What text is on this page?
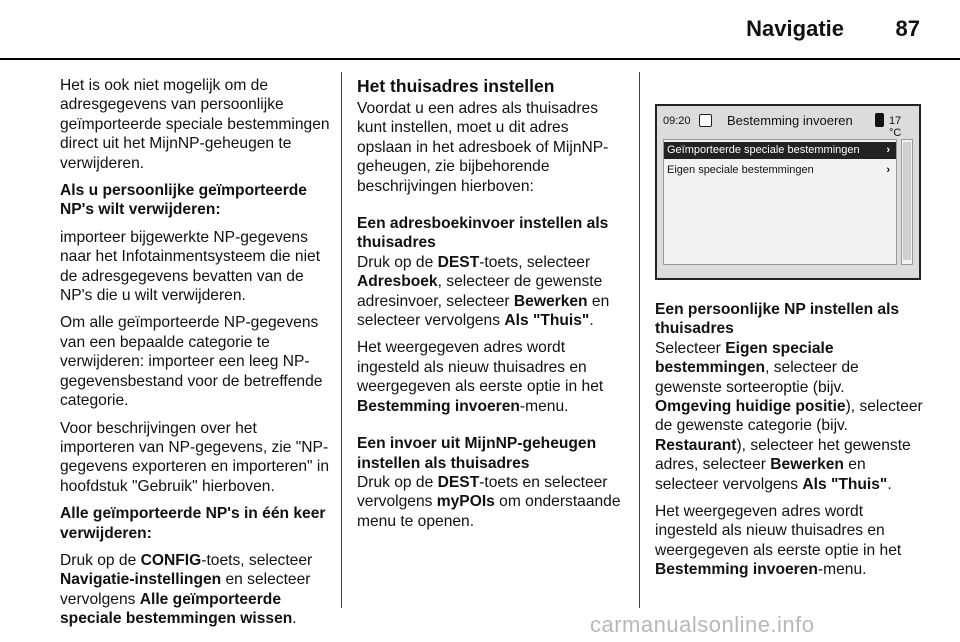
Navigatie 87

Het is ook niet mogelijk om de adresgegevens van persoonlijke geïmporteerde speciale bestemmingen direct uit het MijnNP-geheugen te verwijderen.

Als u persoonlijke geïmporteerde NP's wilt verwijderen:

importeer bijgewerkte NP-gegevens naar het Infotainmentsysteem die niet de adresgegevens bevatten van de NP's die u wilt verwijderen.

Om alle geïmporteerde NP-gegevens van een bepaalde categorie te verwijderen: importeer een leeg NP-gegevensbestand voor de betreffende categorie.

Voor beschrijvingen over het importeren van NP-gegevens, zie "NP-gegevens exporteren en importeren" in hoofdstuk "Gebruik" hierboven.

Alle geïmporteerde NP's in één keer verwijderen:

Druk op de CONFIG-toets, selecteer Navigatie-instellingen en selecteer vervolgens Alle geïmporteerde speciale bestemmingen wissen.

Het thuisadres instellen

Voordat u een adres als thuisadres kunt instellen, moet u dit adres opslaan in het adresboek of MijnNP-geheugen, zie bijbehorende beschrijvingen hierboven:

Een adresboekinvoer instellen als thuisadres

Druk op de DEST-toets, selecteer Adresboek, selecteer de gewenste adresinvoer, selecteer Bewerken en selecteer vervolgens Als "Thuis".

Het weergegeven adres wordt ingesteld als nieuw thuisadres en weergegeven als eerste optie in het Bestemming invoeren-menu.

Een invoer uit MijnNP-geheugen instellen als thuisadres

Druk op de DEST-toets en selecteer vervolgens myPOIs om onderstaande menu te openen.

09:20	Bestemming invoeren	17 °C
Geïmporteerde speciale bestemmingen ›
Eigen speciale bestemmingen	›

Een persoonlijke NP instellen als thuisadres

Selecteer Eigen speciale bestemmingen, selecteer de gewenste sorteeroptie (bijv. Omgeving huidige positie), selecteer de gewenste categorie (bijv. Restaurant), selecteer het gewenste adres, selecteer Bewerken en selecteer vervolgens Als "Thuis".

Het weergegeven adres wordt ingesteld als nieuw thuisadres en weergegeven als eerste optie in het Bestemming invoeren-menu.

carmanualsonline.info
